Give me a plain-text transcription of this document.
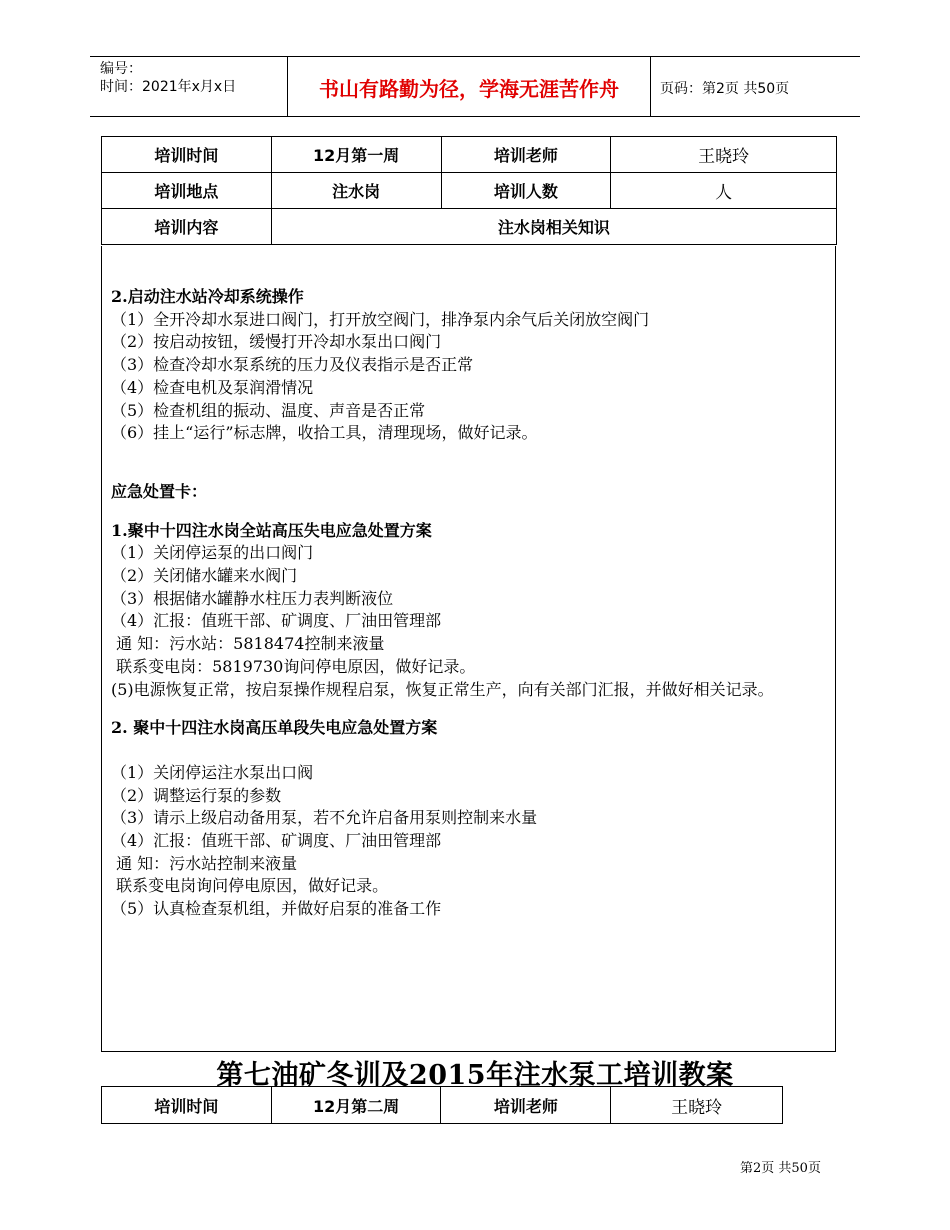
编号：
时间：2021年x月x日	书山有路勤为径，学海无涯苦作舟	页码：第2页 共50页
培训时间	12月第一周	培训老师	王晓玲
培训地点	注水岗	培训人数	人
培训内容	注水岗相关知识		

2.启动注水站冷却系统操作

（1）全开冷却水泵进口阀门，打开放空阀门，排净泵内余气后关闭放空阀门

（2）按启动按钮，缓慢打开冷却水泵出口阀门

（3）检查冷却水泵系统的压力及仪表指示是否正常

（4）检查电机及泵润滑情况

（5）检查机组的振动、温度、声音是否正常

（6）挂上“运行”标志牌，收拾工具，清理现场，做好记录。

应急处置卡：

1.聚中十四注水岗全站高压失电应急处置方案

（1）关闭停运泵的出口阀门

（2）关闭储水罐来水阀门

（3）根据储水罐静水柱压力表判断液位

（4）汇报：值班干部、矿调度、厂油田管理部

通 知：污水站：5818474控制来液量

联系变电岗：5819730询问停电原因，做好记录。

(5)电源恢复正常，按启泵操作规程启泵，恢复正常生产，向有关部门汇报，并做好相关记录。

2. 聚中十四注水岗高压单段失电应急处置方案

（1）关闭停运注水泵出口阀

（2）调整运行泵的参数

（3）请示上级启动备用泵，若不允许启备用泵则控制来水量

（4）汇报：值班干部、矿调度、厂油田管理部

通 知：污水站控制来液量

联系变电岗询问停电原因，做好记录。

（5）认真检查泵机组，并做好启泵的准备工作

第七油矿冬训及2015年注水泵工培训教案
培训时间	12月第二周	培训老师	王晓玲
第2页 共50页
